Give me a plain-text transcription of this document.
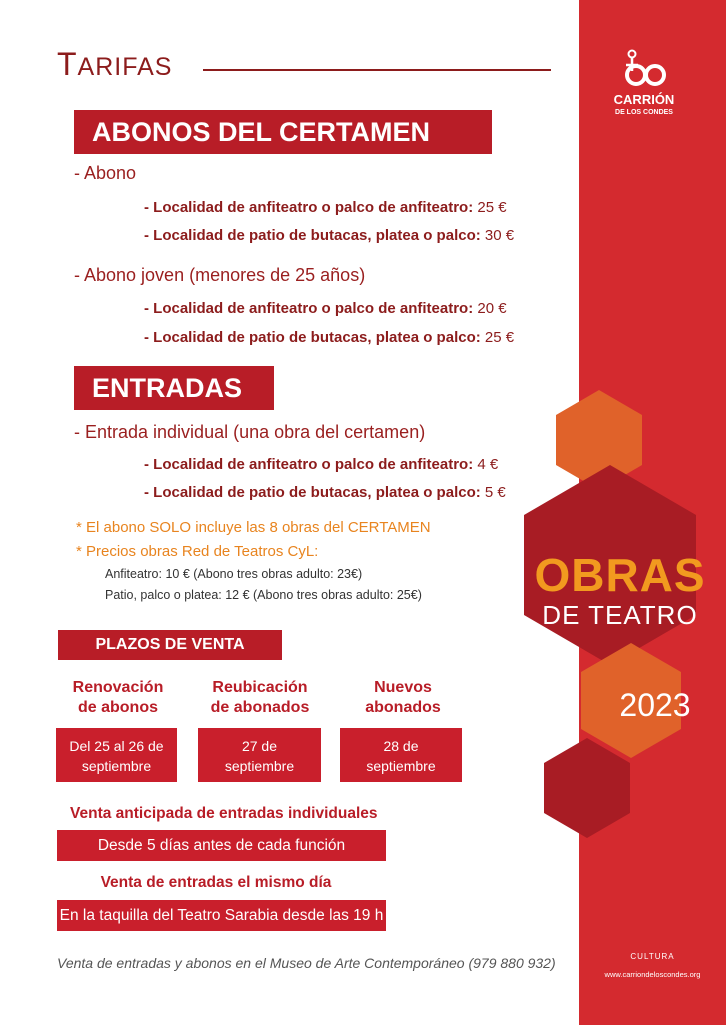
CARRIÓN
DE LOS CONDES
OBRAS
DE TEATRO
2023
CULTURA
www.carriondeloscondes.org
TARIFAS
ABONOS DEL CERTAMEN
- Abono
- Localidad de anfiteatro o palco de anfiteatro: 25 €
- Localidad de patio de butacas, platea o palco: 30 €
- Abono joven (menores de 25 años)
- Localidad de anfiteatro o palco de anfiteatro: 20 €
- Localidad de patio de butacas, platea o palco: 25 €
ENTRADAS
- Entrada individual (una obra del certamen)
- Localidad de anfiteatro o palco de anfiteatro: 4 €
- Localidad de patio de butacas, platea o palco: 5 €
* El abono SOLO incluye las 8 obras del CERTAMEN
* Precios obras Red de Teatros CyL:
Anfiteatro: 10 € (Abono tres obras adulto: 23€)
Patio, palco o platea: 12 € (Abono tres obras adulto: 25€)
PLAZOS DE VENTA
Renovación
de abonos
Reubicación
de abonados
Nuevos
abonados
Del 25 al 26 de
septiembre
27 de
septiembre
28 de
septiembre
Venta anticipada de entradas individuales
Desde 5 días antes de cada función
Venta de entradas el mismo día
En la taquilla del Teatro Sarabia desde las 19 h
Venta de entradas y abonos en el Museo de Arte Contemporáneo (979 880 932)
